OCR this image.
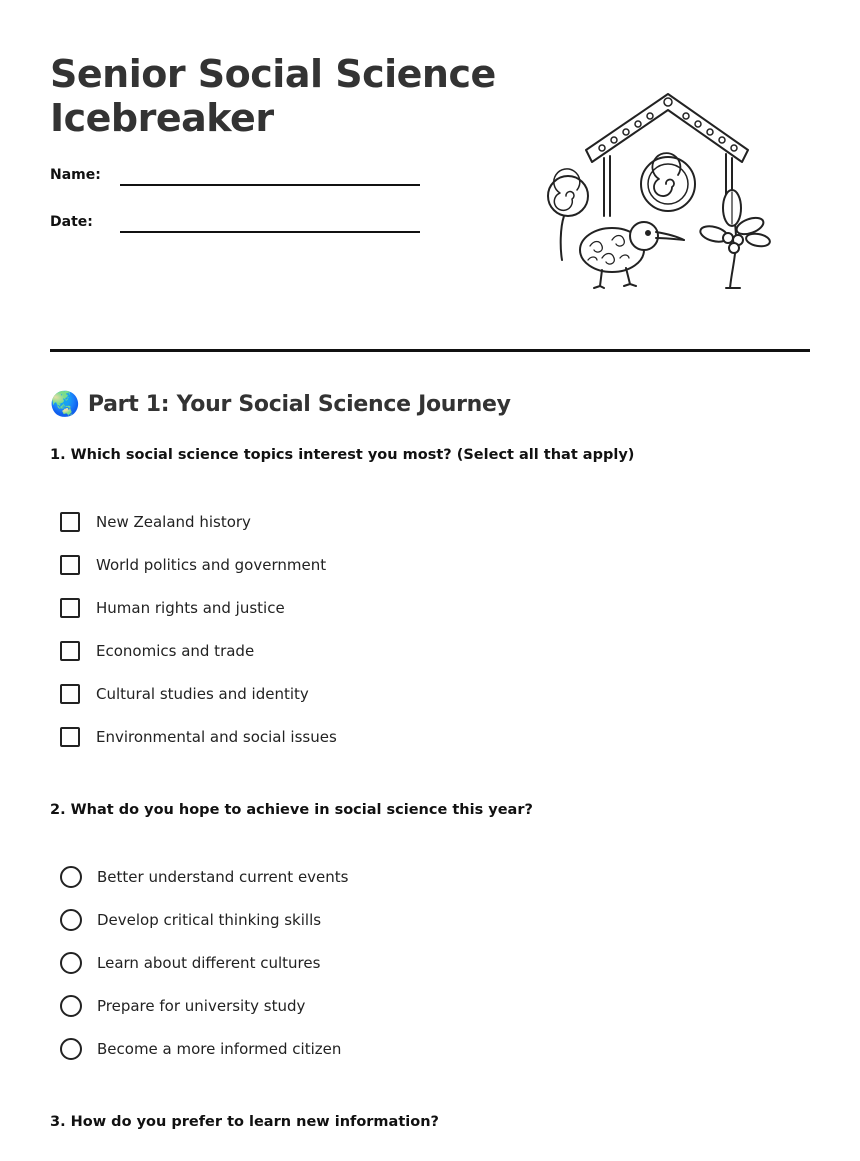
Senior Social Science Icebreaker
Name:
Date:
🌏 Part 1: Your Social Science Journey
1. Which social science topics interest you most? (Select all that apply)
New Zealand history
World politics and government
Human rights and justice
Economics and trade
Cultural studies and identity
Environmental and social issues
2. What do you hope to achieve in social science this year?
Better understand current events
Develop critical thinking skills
Learn about different cultures
Prepare for university study
Become a more informed citizen
3. How do you prefer to learn new information?
